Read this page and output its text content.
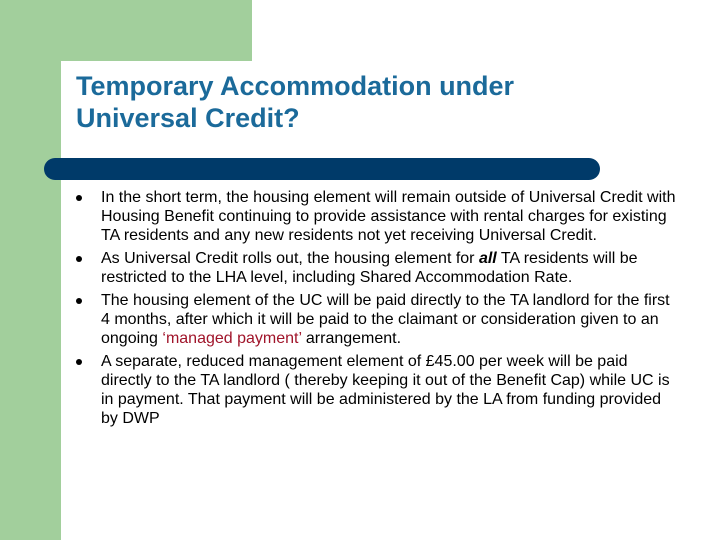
Temporary Accommodation under
Universal Credit?
In the short term, the housing element will remain outside of Universal Credit with Housing Benefit continuing to provide assistance with rental charges for existing TA residents and any new residents not yet receiving Universal Credit.
As Universal Credit rolls out, the housing element for all TA residents will be restricted to the LHA level, including Shared Accommodation Rate.
The housing element of the UC will be paid directly to the TA landlord for the first 4 months, after which it will be paid to the claimant or consideration given to an ongoing ‘managed payment’ arrangement.
A separate, reduced management element of £45.00 per week will be paid directly to the TA landlord ( thereby keeping it out of the Benefit Cap) while UC is in payment. That payment will be administered by the LA from funding provided by DWP
